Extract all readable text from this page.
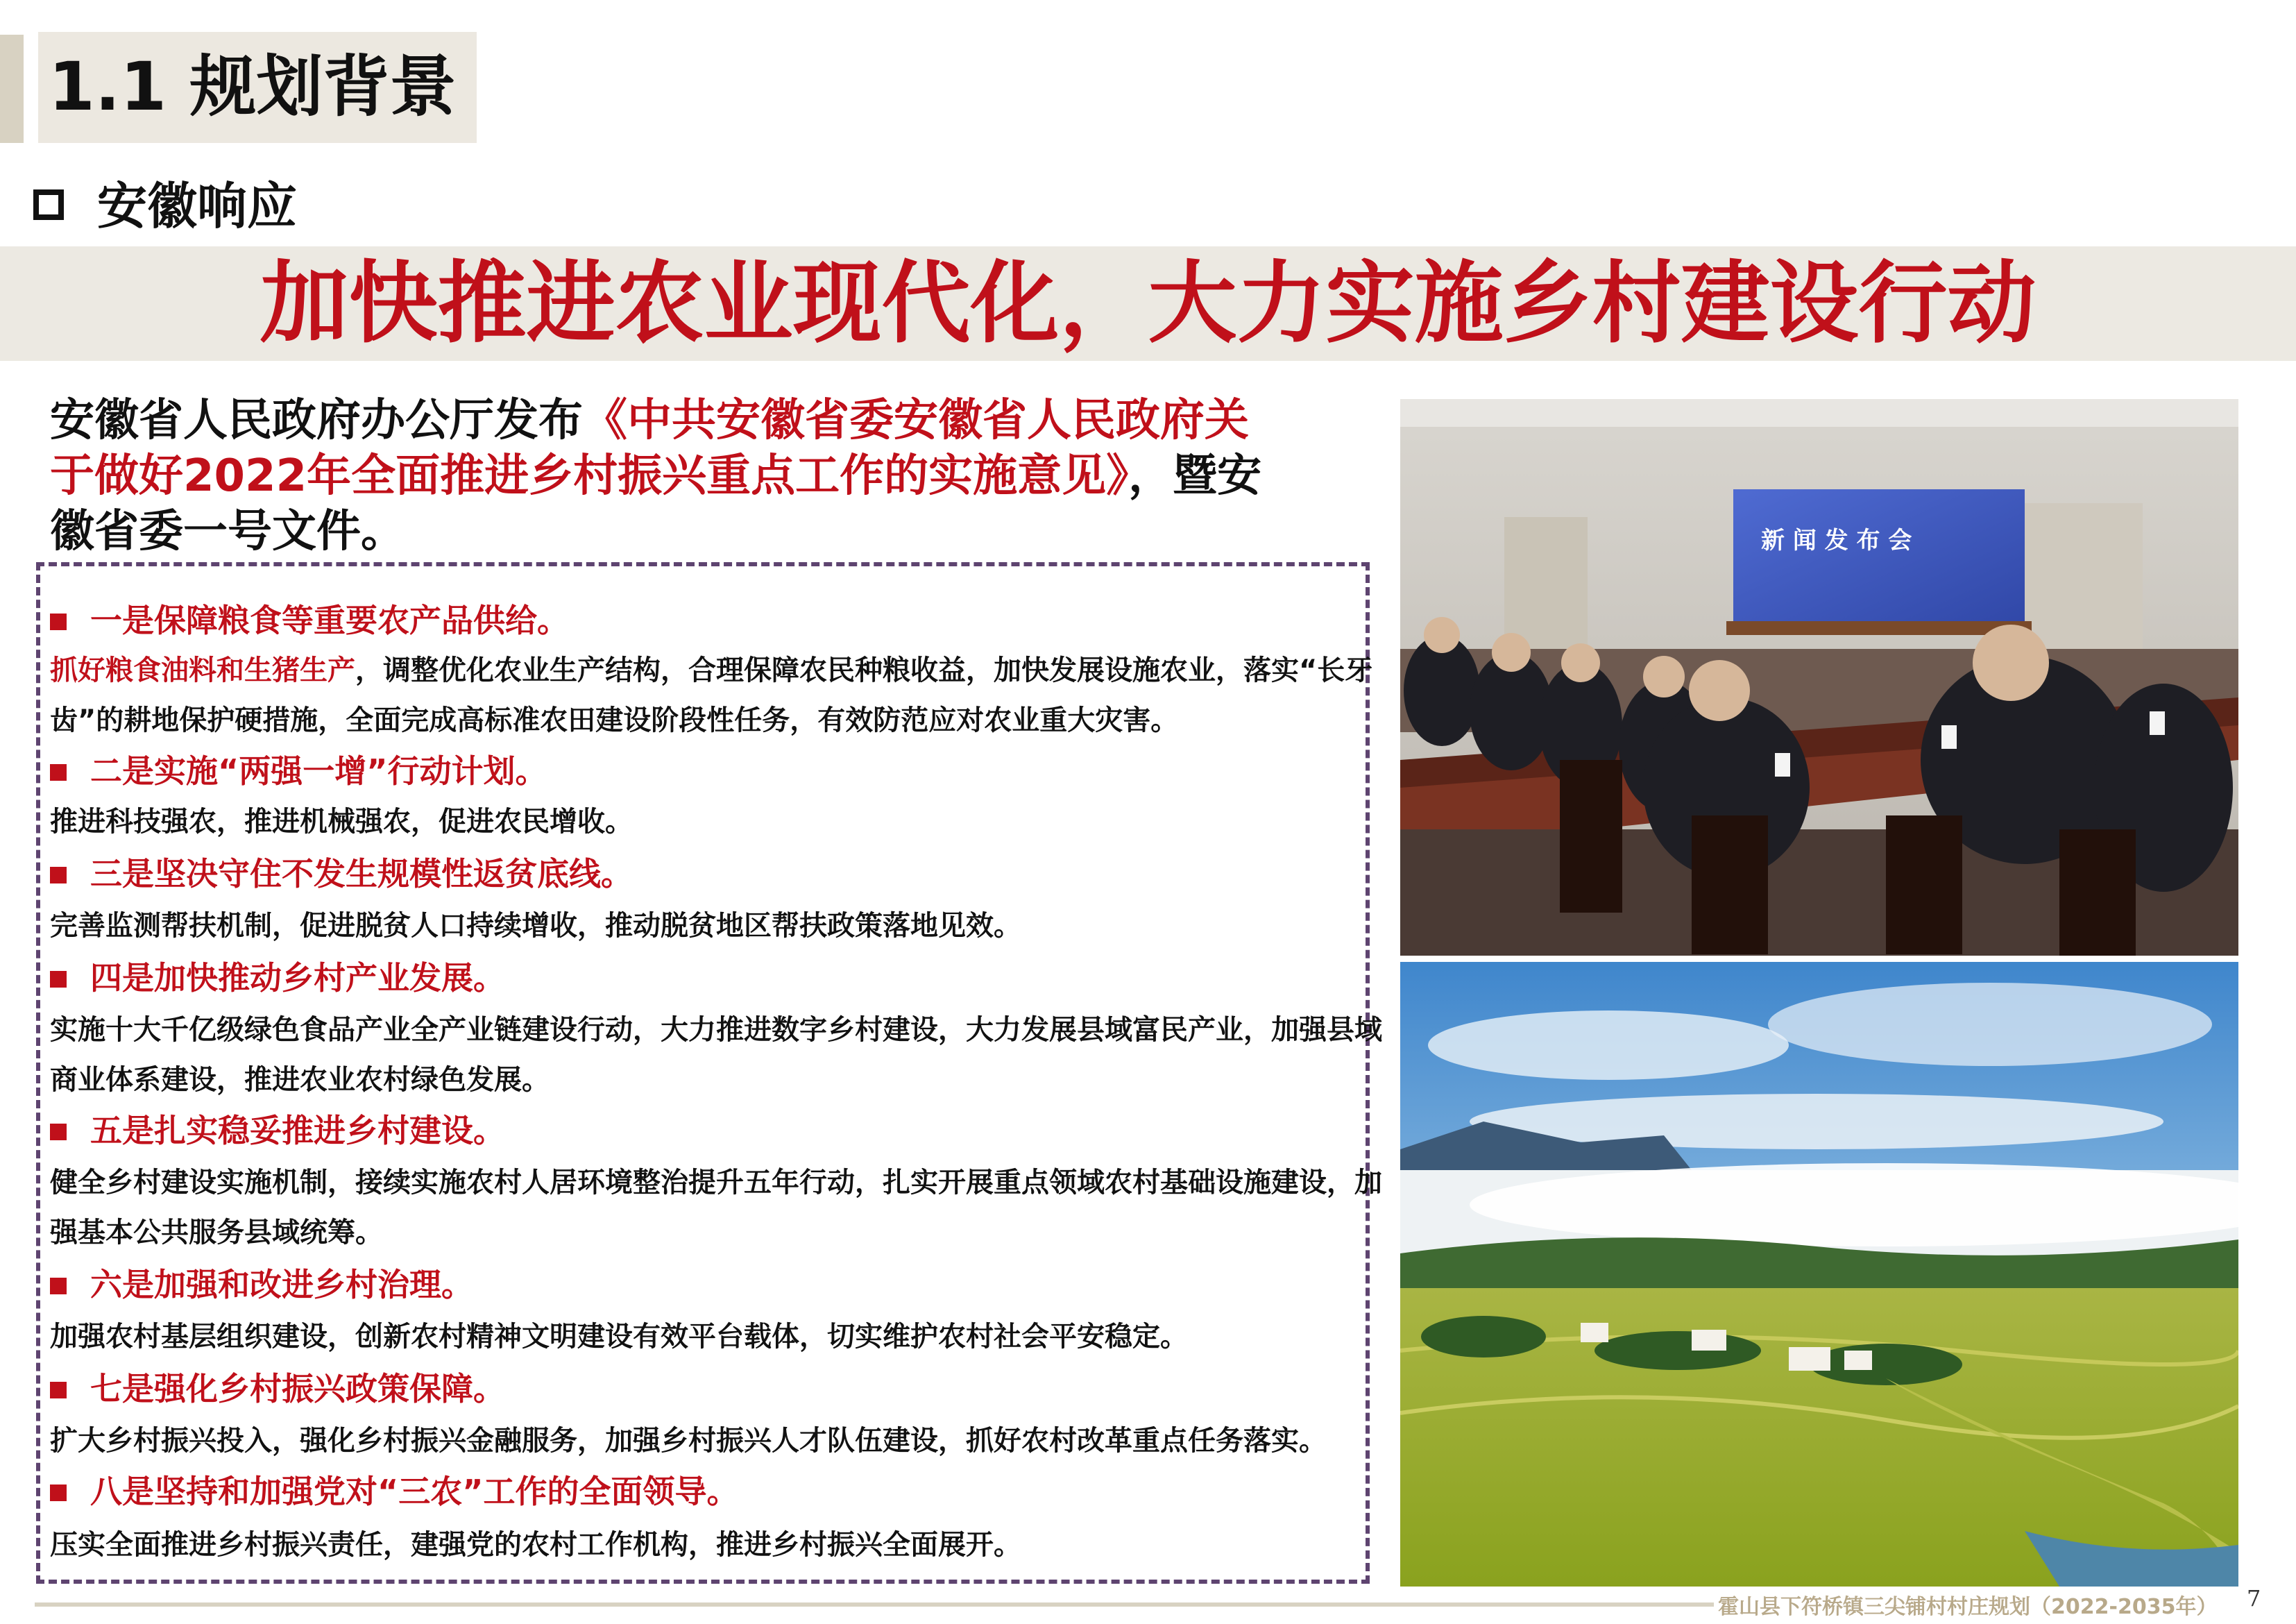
1.1 规划背景
安徽响应
加快推进农业现代化，大力实施乡村建设行动
安徽省人民政府办公厅发布《中共安徽省委安徽省人民政府关
于做好2022年全面推进乡村振兴重点工作的实施意见》，暨安
徽省委一号文件。
一是保障粮食等重要农产品供给。
抓好粮食油料和生猪生产，调整优化农业生产结构，合理保障农民种粮收益，加快发展设施农业，落实“长牙
齿”的耕地保护硬措施，全面完成高标准农田建设阶段性任务，有效防范应对农业重大灾害。
二是实施“两强一增”行动计划。
推进科技强农，推进机械强农，促进农民增收。
三是坚决守住不发生规模性返贫底线。
完善监测帮扶机制，促进脱贫人口持续增收，推动脱贫地区帮扶政策落地见效。
四是加快推动乡村产业发展。
实施十大千亿级绿色食品产业全产业链建设行动，大力推进数字乡村建设，大力发展县域富民产业，加强县域
商业体系建设，推进农业农村绿色发展。
五是扎实稳妥推进乡村建设。
健全乡村建设实施机制，接续实施农村人居环境整治提升五年行动，扎实开展重点领域农村基础设施建设，加
强基本公共服务县域统筹。
六是加强和改进乡村治理。
加强农村基层组织建设，创新农村精神文明建设有效平台载体，切实维护农村社会平安稳定。
七是强化乡村振兴政策保障。
扩大乡村振兴投入，强化乡村振兴金融服务，加强乡村振兴人才队伍建设，抓好农村改革重点任务落实。
八是坚持和加强党对“三农”工作的全面领导。
压实全面推进乡村振兴责任，建强党的农村工作机构，推进乡村振兴全面展开。
新 闻 发 布 会
霍山县下符桥镇三尖铺村村庄规划（2022-2035年） 7
